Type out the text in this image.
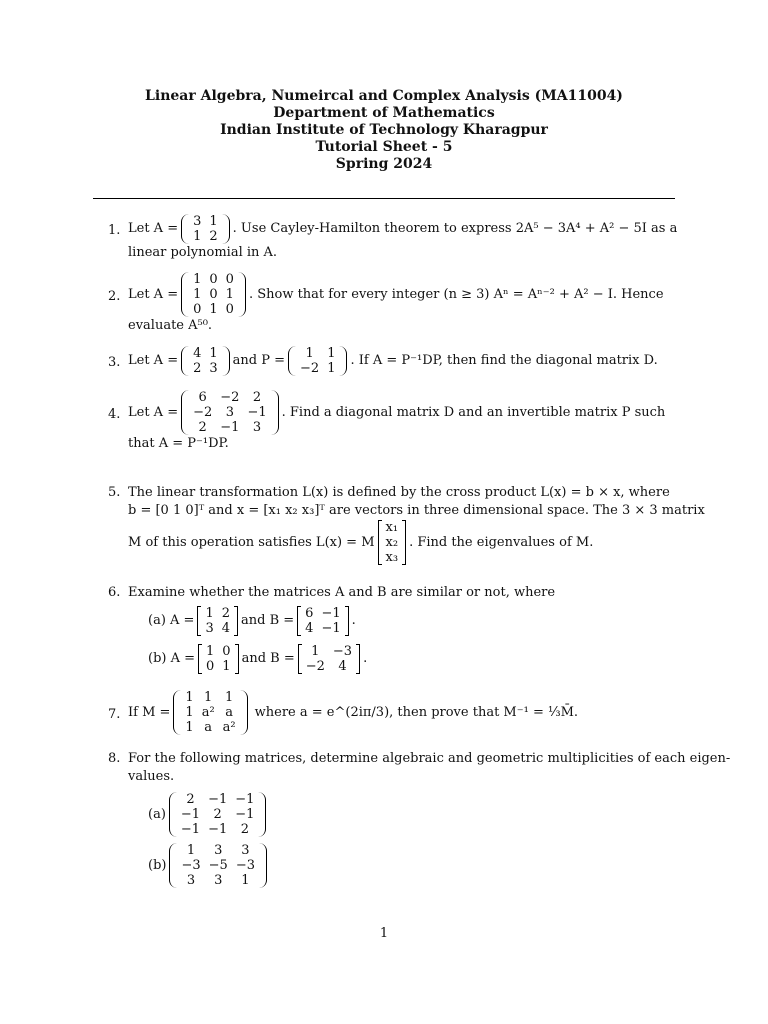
Linear Algebra, Numeircal and Complex Analysis (MA11004)
Department of Mathematics
Indian Institute of Technology Kharagpur
Tutorial Sheet - 5
Spring 2024
1. Let A = 3	1
1	2
. Use Cayley-Hamilton theorem to express 2A⁵ − 3A⁴ + A² − 5I as a
linear polynomial in A.
2. Let A =
1	0	0
1	0	1
0	1	0
. Show that for every integer (n ≥ 3) Aⁿ = Aⁿ⁻² + A² − I. Hence
evaluate A⁵⁰.
3. Let A = 4	1
2	3
and P = 1	1
−2	1
. If A = P⁻¹DP, then find the diagonal matrix D.
4. Let A =
6	−2	2
−2	3	−1
2	−1	3
. Find a diagonal matrix D and an invertible matrix P such
that A = P⁻¹DP.
5. The linear transformation L(x) is defined by the cross product L(x) = b × x, where
b = [0 1 0]ᵀ and x = [x₁ x₂ x₃]ᵀ are vectors in three dimensional space. The 3 × 3 matrix
M of this operation satisfies L(x) = M
x₁
x₂
x₃
. Find the eigenvalues of M.
6. Examine whether the matrices A and B are similar or not, where
(a) A = 1	2
3	4
and B = 6	−1
4	−1
.
(b) A = 1	0
0	1
and B = 1	−3
−2	4
.
7. If M =
1	1	1
1	a²	a
1	a	a²
where a = e^(2iπ/3), then prove that M⁻¹ = ⅓M̄.
8. For the following matrices, determine algebraic and geometric multiplicities of each eigen-
values.
(a)
2	−1	−1
−1	2	−1
−1	−1	2
(b)
1	3	3
−3	−5	−3
3	3	1
1
